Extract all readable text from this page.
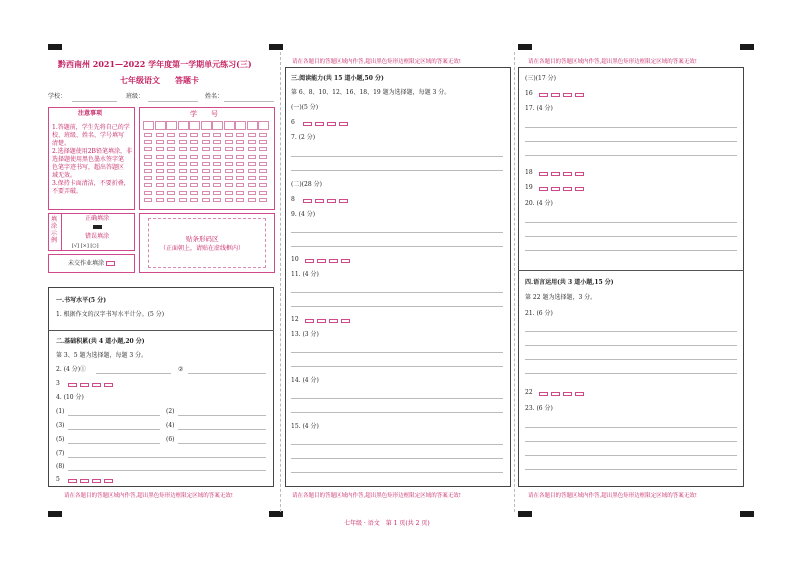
黔西南州 2021—2022 学年度第一学期单元练习(三)
七年级语文 答题卡
学校：	班级：	姓名：
注意事项
1.答题前，学生先将自己的学
校、班级、姓名、学号填写
清楚。
2.选择题使用2B铅笔填涂，非
选择题使用黑色墨水签字笔
色笔字迹书写，超出答题区
域无效。
3.保持卡面清洁，不要折叠，
不要弄破。
学　　号
填涂示例
正确填涂
错误填涂
[√] [×] [○]
贴条形码区
（正面朝上，请贴在虚线框内）
未交作业填涂
一.书写水平(5 分)
1. 根据作文的汉字书写水平计分。(5 分)
二.基础积累(共 4 道小题,20 分)
第 3、5 题为选择题，每题 3 分。
2. (4 分)①	②
3
4. (10 分)
(1)	(2)
(3)	(4)
(5)	(6)
(7)
(8)
5
请在各题目的答题区域内作答,超出黑色矩形边框限定区域的答案无效!
请在各题目的答题区域内作答,超出黑色矩形边框限定区域的答案无效!
三.阅读能力(共 15 道小题,50 分)
第 6、8、10、12、16、18、19 题为选择题，每题 3 分。
(一)(5 分)
6
7. (2 分)
(二)(28 分)
8
9. (4 分)
10
11. (4 分)
12
13. (3 分)
14. (4 分)
15. (4 分)
请在各题目的答题区域内作答,超出黑色矩形边框限定区域的答案无效!
请在各题目的答题区域内作答,超出黑色矩形边框限定区域的答案无效!
(三)(17 分)
16
17. (4 分)
18
19
20. (4 分)
四.语言运用(共 3 道小题,15 分)
第 22 题为选择题，3 分。
21. (6 分)
22
23. (6 分)
请在各题目的答题区域内作答,超出黑色矩形边框限定区域的答案无效!
七年级 · 语文　第 1 页(共 2 页)
